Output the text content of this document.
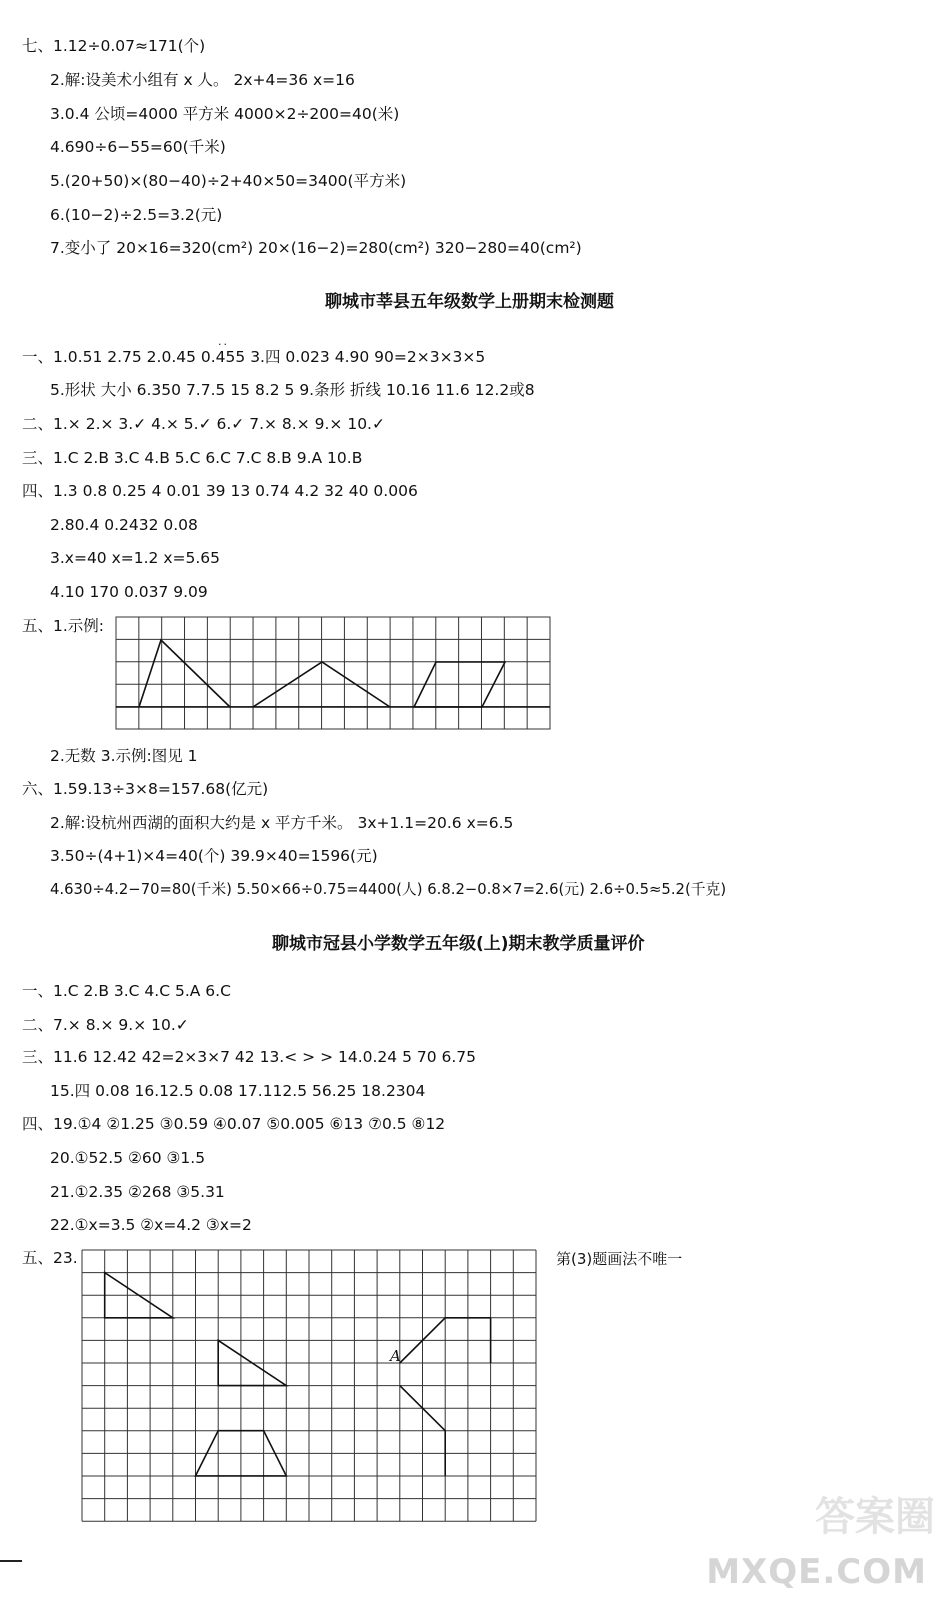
七、1.12÷0.07≈171(个)
2.解:设美术小组有 x 人。 2x+4=36 x=16
3.0.4 公顷=4000 平方米 4000×2÷200=40(米)
4.690÷6−55=60(千米)
5.(20+50)×(80−40)÷2+40×50=3400(平方米)
6.(10−2)÷2.5=3.2(元)
7.变小了 20×16=320(cm²) 20×(16−2)=280(cm²) 320−280=40(cm²)
聊城市莘县五年级数学上册期末检测题
··
一、1.0.51 2.75 2.0.45 0.455 3.四 0.023 4.90 90=2×3×3×5
5.形状 大小 6.350 7.7.5 15 8.2 5 9.条形 折线 10.16 11.6 12.2或8
二、1.× 2.× 3.✓ 4.× 5.✓ 6.✓ 7.× 8.× 9.× 10.✓
三、1.C 2.B 3.C 4.B 5.C 6.C 7.C 8.B 9.A 10.B
四、1.3 0.8 0.25 4 0.01 39 13 0.74 4.2 32 40 0.006
2.80.4 0.2432 0.08
3.x=40 x=1.2 x=5.65
4.10 170 0.037 9.09
五、1.示例:
2.无数 3.示例:图见 1
六、1.59.13÷3×8=157.68(亿元)
2.解:设杭州西湖的面积大约是 x 平方千米。 3x+1.1=20.6 x=6.5
3.50÷(4+1)×4=40(个) 39.9×40=1596(元)
4.630÷4.2−70=80(千米) 5.50×66÷0.75=4400(人) 6.8.2−0.8×7=2.6(元) 2.6÷0.5≈5.2(千克)
聊城市冠县小学数学五年级(上)期末教学质量评价
一、1.C 2.B 3.C 4.C 5.A 6.C
二、7.× 8.× 9.× 10.✓
三、11.6 12.42 42=2×3×7 42 13.< > > 14.0.24 5 70 6.75
15.四 0.08 16.12.5 0.08 17.112.5 56.25 18.2304
四、19.①4 ②1.25 ③0.59 ④0.07 ⑤0.005 ⑥13 ⑦0.5 ⑧12
20.①52.5 ②60 ③1.5
21.①2.35 ②268 ③5.31
22.①x=3.5 ②x=4.2 ③x=2
五、23.	第(3)题画法不唯一
A
答案圈
MXQE.COM
